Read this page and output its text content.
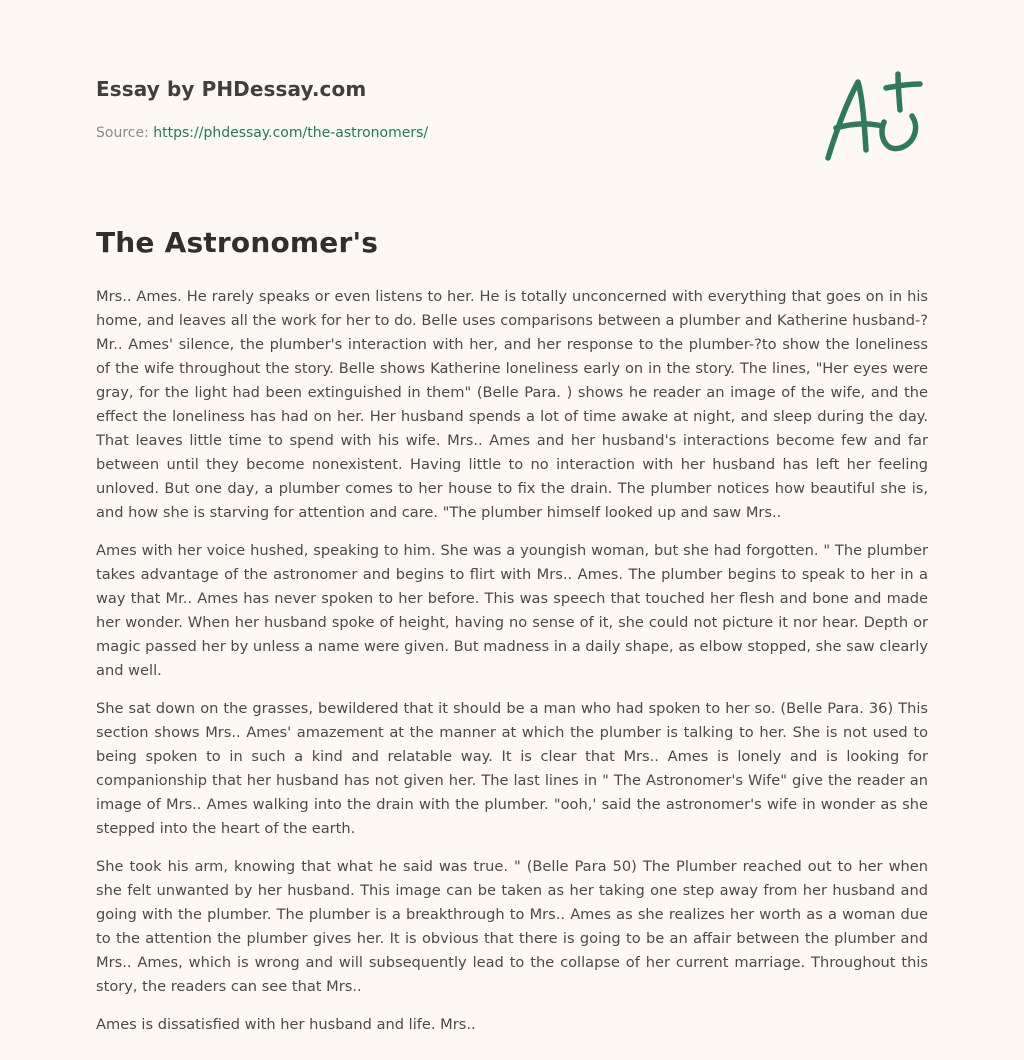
Essay by PHDessay.com
Source: https://phdessay.com/the-astronomers/
The Astronomer's

Mrs.. Ames. He rarely speaks or even listens to her. He is totally unconcerned with everything that goes on in his home, and leaves all the work for her to do. Belle uses comparisons between a plumber and Katherine husband-?Mr.. Ames' silence, the plumber's interaction with her, and her response to the plumber-?to show the loneliness of the wife throughout the story. Belle shows Katherine loneliness early on in the story. The lines, "Her eyes were gray, for the light had been extinguished in them" (Belle Para. ) shows he reader an image of the wife, and the effect the loneliness has had on her. Her husband spends a lot of time awake at night, and sleep during the day. That leaves little time to spend with his wife. Mrs.. Ames and her husband's interactions become few and far between until they become nonexistent. Having little to no interaction with her husband has left her feeling unloved. But one day, a plumber comes to her house to fix the drain. The plumber notices how beautiful she is, and how she is starving for attention and care. "The plumber himself looked up and saw Mrs..

Ames with her voice hushed, speaking to him. She was a youngish woman, but she had forgotten. " The plumber takes advantage of the astronomer and begins to flirt with Mrs.. Ames. The plumber begins to speak to her in a way that Mr.. Ames has never spoken to her before. This was speech that touched her flesh and bone and made her wonder. When her husband spoke of height, having no sense of it, she could not picture it nor hear. Depth or magic passed her by unless a name were given. But madness in a daily shape, as elbow stopped, she saw clearly and well.

She sat down on the grasses, bewildered that it should be a man who had spoken to her so. (Belle Para. 36) This section shows Mrs.. Ames' amazement at the manner at which the plumber is talking to her. She is not used to being spoken to in such a kind and relatable way. It is clear that Mrs.. Ames is lonely and is looking for companionship that her husband has not given her. The last lines in " The Astronomer's Wife" give the reader an image of Mrs.. Ames walking into the drain with the plumber. "ooh,' said the astronomer's wife in wonder as she stepped into the heart of the earth.

She took his arm, knowing that what he said was true. " (Belle Para 50) The Plumber reached out to her when she felt unwanted by her husband. This image can be taken as her taking one step away from her husband and going with the plumber. The plumber is a breakthrough to Mrs.. Ames as she realizes her worth as a woman due to the attention the plumber gives her. It is obvious that there is going to be an affair between the plumber and Mrs.. Ames, which is wrong and will subsequently lead to the collapse of her current marriage. Throughout this story, the readers can see that Mrs..

Ames is dissatisfied with her husband and life. Mrs..
